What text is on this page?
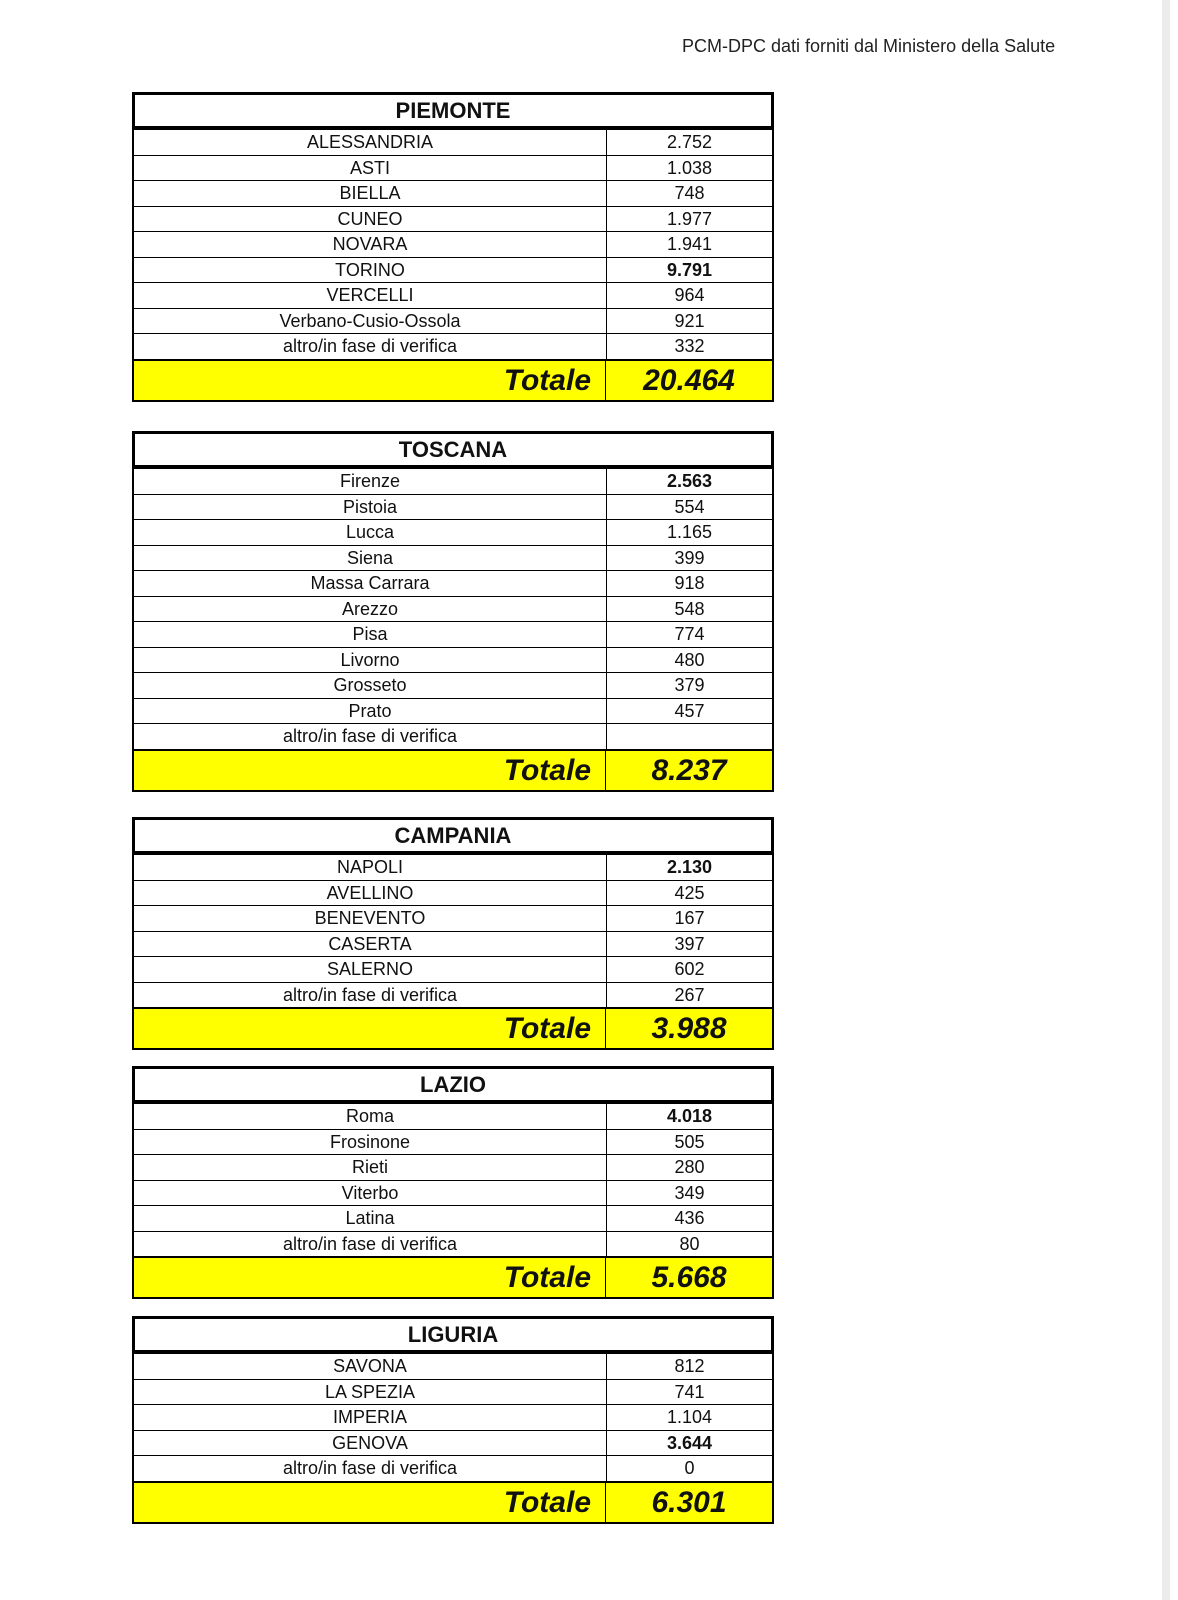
PCM-DPC dati forniti dal Ministero della Salute
PIEMONTE
ALESSANDRIA	2.752
ASTI	1.038
BIELLA	748
CUNEO	1.977
NOVARA	1.941
TORINO	9.791
VERCELLI	964
Verbano-Cusio-Ossola	921
altro/in fase di verifica	332
Totale	20.464
TOSCANA
Firenze	2.563
Pistoia	554
Lucca	1.165
Siena	399
Massa Carrara	918
Arezzo	548
Pisa	774
Livorno	480
Grosseto	379
Prato	457
altro/in fase di verifica	
Totale	8.237
CAMPANIA
NAPOLI	2.130
AVELLINO	425
BENEVENTO	167
CASERTA	397
SALERNO	602
altro/in fase di verifica	267
Totale	3.988
LAZIO
Roma	4.018
Frosinone	505
Rieti	280
Viterbo	349
Latina	436
altro/in fase di verifica	80
Totale	5.668
LIGURIA
SAVONA	812
LA SPEZIA	741
IMPERIA	1.104
GENOVA	3.644
altro/in fase di verifica	0
Totale	6.301
